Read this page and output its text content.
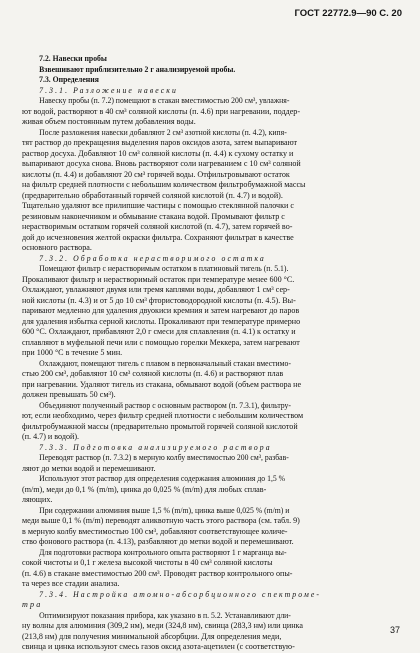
ГОСТ 22772.9—90 С. 20
7.2. Навески пробы
Взвешивают приблизительно 2 г анализируемой пробы.
7.3. Определения
7.3.1. Разложение навески
Навеску пробы (п. 7.2) помещают в стакан вместимостью 200 см³, увлажня-
ют водой, растворяют в 40 см³ соляной кислоты (п. 4.6) при нагревании, поддер-
живая объем постоянным путем добавления воды.
После разложения навески добавляют 2 см³ азотной кислоты (п. 4.2), кипя-
тят раствор до прекращения выделения паров оксидов азота, затем выпаривают
раствор досуха. Добавляют 10 см³ соляной кислоты (п. 4.4) к сухому остатку и
выпаривают досуха снова. Вновь растворяют соли нагреванием с 10 см³ соляной
кислоты (п. 4.4) и добавляют 20 см³ горячей воды. Отфильтровывают остаток
на фильтр средней плотности с небольшим количеством фильтробумажной массы
(предварительно обработанный горячей соляной кислотой (п. 4.7) и водой).
Тщательно удаляют все прилипшие частицы с помощью стеклянной палочки с
резиновым наконечником и обмывание стакана водой. Промывают фильтр с
нерастворимым остатком горячей соляной кислотой (п. 4.7), затем горячей во-
дой до исчезновения желтой окраски фильтра. Сохраняют фильтрат в качестве
основного раствора.
7.3.2. Обработка нерастворимого остатка
Помещают фильтр с нерастворимым остатком в платиновый тигель (п. 5.1).
Прокаливают фильтр и нерастворимый остаток при температуре менее 600 °С.
Охлаждают, увлажняют двумя или тремя каплями воды, добавляют 1 см³ сер-
ной кислоты (п. 4.3) и от 5 до 10 см³ фтористоводородной кислоты (п. 4.5). Вы-
паривают медленно для удаления двуокиси кремния и затем нагревают до паров
для удаления избытка серной кислоты. Прокаливают при температуре примерно
600 °С. Охлаждают, прибавляют 2,0 г смеси для сплавления (п. 4.1) к остатку и
сплавляют в муфельной печи или с помощью горелки Меккера, затем нагревают
при 1000 °С в течение 5 мин.
Охлаждают, помещают тигель с плавом в первоначальный стакан вместимо-
стью 200 см³, добавляют 10 см³ соляной кислоты (п. 4.6) и растворяют плав
при нагревании. Удаляют тигель из стакана, обмывают водой (объем раствора не
должен превышать 50 см³).
Объединяют полученный раствор с основным раствором (п. 7.3.1), фильтру-
ют, если необходимо, через фильтр средней плотности с небольшим количеством
фильтробумажной массы (предварительно промытой горячей соляной кислотой
(п. 4.7) и водой).
7.3.3. Подготовка анализируемого раствора
Переводят раствор (п. 7.3.2) в мерную колбу вместимостью 200 см³, разбав-
ляют до метки водой и перемешивают.
Используют этот раствор для определения содержания алюминия до 1,5 %
(m/m), меди до 0,1 % (m/m), цинка до 0,025 % (m/m) для любых сплав-
ляющих.
При содержании алюминия выше 1,5 % (m/m), цинка выше 0,025 % (m/m) и
меди выше 0,1 % (m/m) переводят аликвотную часть этого раствора (см. табл. 9)
в мерную колбу вместимостью 100 см³, добавляют соответствующее количе-
ство фонового раствора (п. 4.13), разбавляют до метки водой и перемешивают.
Для подготовки раствора контрольного опыта растворяют 1 г марганца вы-
сокой чистоты и 0,1 г железа высокой чистоты в 40 см³ соляной кислоты
(п. 4.6) в стакане вместимостью 200 см³. Проводят раствор контрольного опы-
та через все стадии анализа.
7.3.4. Настройка атомно-абсорбционного спектроме-
тра
Оптимизируют показания прибора, как указано в п. 5.2. Устанавливают дли-
ну волны для алюминия (309,2 нм), меди (324,8 нм), свинца (283,3 нм) или цинка
(213,8 нм) для получения минимальной абсорбции. Для определения меди,
свинца и цинка используют смесь газов оксид азота-ацетилен (с соответствую-
37
